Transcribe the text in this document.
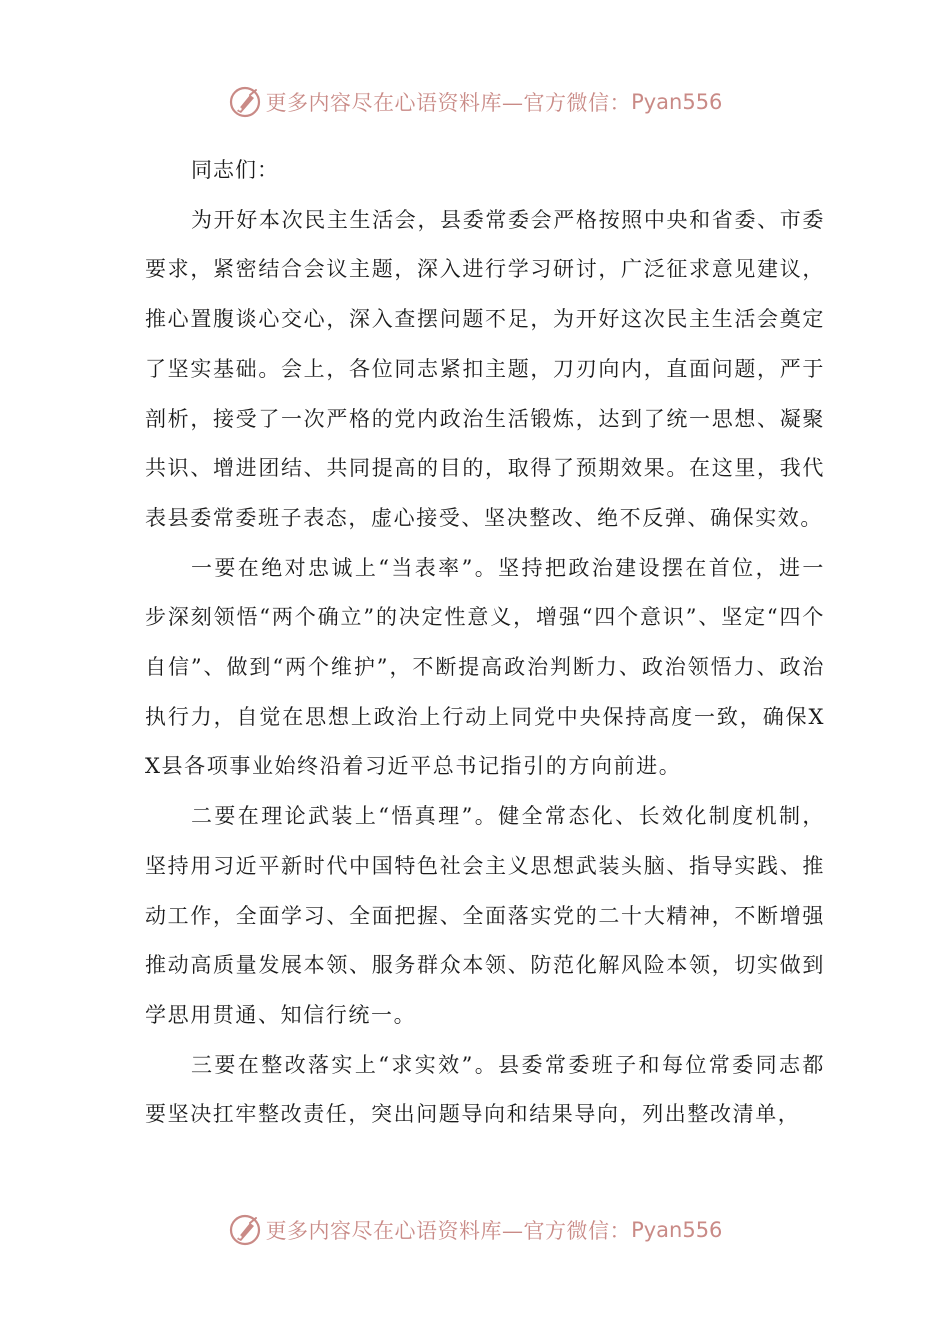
更多内容尽在心语资料库—官方微信： Pyan556

同志们：

为开好本次民主生活会，县委常委会严格按照中央和省委、市委要求，紧密结合会议主题，深入进行学习研讨，广泛征求意见建议，推心置腹谈心交心，深入查摆问题不足，为开好这次民主生活会奠定了坚实基础。会上，各位同志紧扣主题，刀刃向内，直面问题，严于剖析，接受了一次严格的党内政治生活锻炼，达到了统一思想、凝聚共识、增进团结、共同提高的目的，取得了预期效果。在这里，我代表县委常委班子表态，虚心接受、坚决整改、绝不反弹、确保实效。

一要在绝对忠诚上“当表率”。坚持把政治建设摆在首位，进一步深刻领悟“两个确立”的决定性意义，增强“四个意识”、坚定“四个自信”、做到“两个维护”，不断提高政治判断力、政治领悟力、政治执行力，自觉在思想上政治上行动上同党中央保持高度一致，确保XX县各项事业始终沿着习近平总书记指引的方向前进。

二要在理论武装上“悟真理”。健全常态化、长效化制度机制，坚持用习近平新时代中国特色社会主义思想武装头脑、指导实践、推动工作，全面学习、全面把握、全面落实党的二十大精神，不断增强推动高质量发展本领、服务群众本领、防范化解风险本领，切实做到学思用贯通、知信行统一。

三要在整改落实上“求实效”。县委常委班子和每位常委同志都要坚决扛牢整改责任，突出问题导向和结果导向，列出整改清单，

更多内容尽在心语资料库—官方微信： Pyan556
